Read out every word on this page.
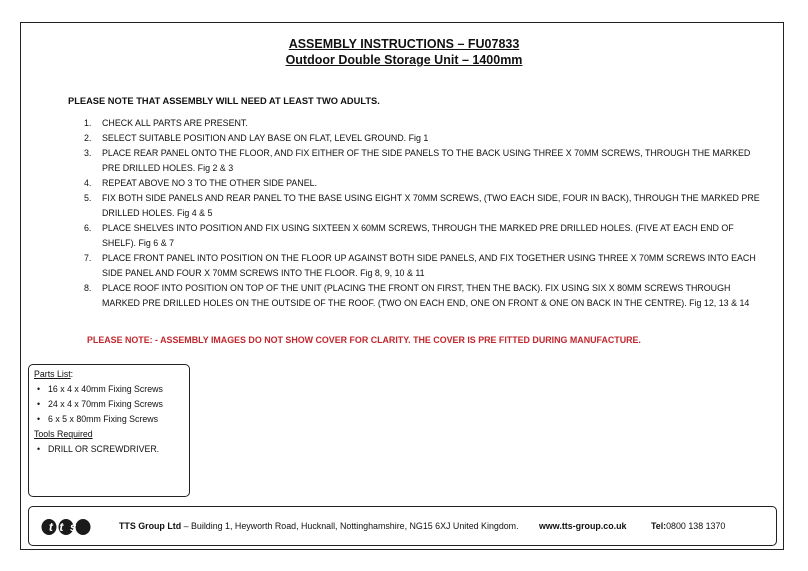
ASSEMBLY INSTRUCTIONS – FU07833
Outdoor Double Storage Unit – 1400mm
PLEASE NOTE THAT ASSEMBLY WILL NEED AT LEAST TWO ADULTS.
1. CHECK ALL PARTS ARE PRESENT.
2. SELECT SUITABLE POSITION AND LAY BASE ON FLAT, LEVEL GROUND. Fig 1
3. PLACE REAR PANEL ONTO THE FLOOR, AND FIX EITHER OF THE SIDE PANELS TO THE BACK USING THREE X 70MM SCREWS, THROUGH THE MARKED PRE DRILLED HOLES. Fig 2 & 3
4. REPEAT ABOVE NO 3 TO THE OTHER SIDE PANEL.
5. FIX BOTH SIDE PANELS AND REAR PANEL TO THE BASE USING EIGHT X 70MM SCREWS, (TWO EACH SIDE, FOUR IN BACK), THROUGH THE MARKED PRE DRILLED HOLES. Fig 4 & 5
6. PLACE SHELVES INTO POSITION AND FIX USING SIXTEEN X 60MM SCREWS, THROUGH THE MARKED PRE DRILLED HOLES. (FIVE AT EACH END OF SHELF). Fig 6 & 7
7. PLACE FRONT PANEL INTO POSITION ON THE FLOOR UP AGAINST BOTH SIDE PANELS, AND FIX TOGETHER USING THREE X 70MM SCREWS INTO EACH SIDE PANEL AND FOUR X 70MM SCREWS INTO THE FLOOR. Fig 8, 9, 10 & 11
8. PLACE ROOF INTO POSITION ON TOP OF THE UNIT (PLACING THE FRONT ON FIRST, THEN THE BACK). FIX USING SIX X 80MM SCREWS THROUGH MARKED PRE DRILLED HOLES ON THE OUTSIDE OF THE ROOF. (TWO ON EACH END, ONE ON FRONT & ONE ON BACK IN THE CENTRE). Fig 12, 13 & 14
PLEASE NOTE: - ASSEMBLY IMAGES DO NOT SHOW COVER FOR CLARITY. THE COVER IS PRE FITTED DURING MANUFACTURE.
Parts List:
• 16 x 4 x 40mm Fixing Screws
• 24 x 4 x 70mm Fixing Screws
• 6 x 5 x 80mm Fixing Screws
Tools Required
• DRILL OR SCREWDRIVER.
tts	TTS Group Ltd – Building 1, Heyworth Road, Hucknall, Nottinghamshire, NG15 6XJ United Kingdom. www.tts-group.co.uk	Tel:0800 138 1370
